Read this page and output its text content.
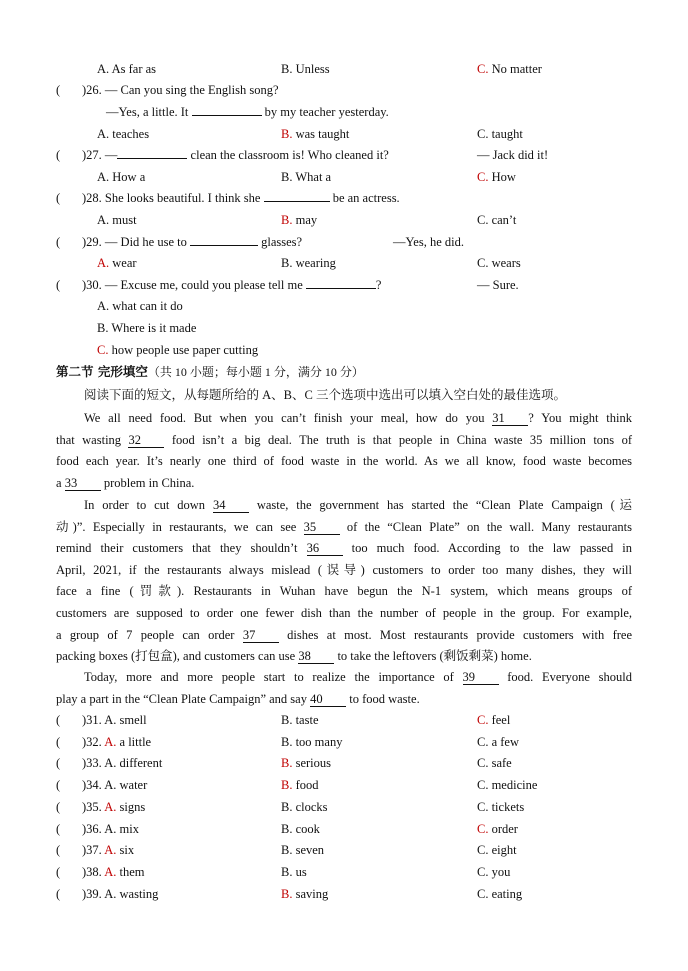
A. As far as	B. Unless	C. No matter
( )26. — Can you sing the English song?
—Yes, a little. It	by my teacher yesterday.
A. teaches	B. was taught	C. taught
( )27. —	clean the classroom is! Who cleaned it?	— Jack did it!
A. How a	B. What a	C. How
( )28. She looks beautiful. I think she	be an actress.
A. must	B. may	C. can’t
( )29. — Did he use to	glasses?	—Yes, he did.
A. wear	B. wearing	C. wears
( )30. — Excuse me, could you please tell me	?	— Sure.
A. what can it do
B. Where is it made
C. how people use paper cutting
第二节 完形填空（共 10 小题；每小题 1 分，满分 10 分）
阅读下面的短文，从每题所给的 A、B、C 三个选项中选出可以填入空白处的最佳选项。
We all need food. But when you can’t finish your meal, how do you 31 ? You might think
that wasting 32 food isn’t a big deal. The truth is that people in China waste 35 million tons of
food each year. It’s nearly one third of food waste in the world. As we all know, food waste becomes
a 33 problem in China.
In order to cut down 34 waste, the government has started the “Clean Plate Campaign (运
动)”. Especially in restaurants, we can see 35 of the “Clean Plate” on the wall. Many restaurants
remind their customers that they shouldn’t 36 too much food. According to the law passed in
April, 2021, if the restaurants always mislead (误导) customers to order too many dishes, they will
face a fine (罚款). Restaurants in Wuhan have begun the N-1 system, which means groups of
customers are supposed to order one fewer dish than the number of people in the group. For example,
a group of 7 people can order 37 dishes at most. Most restaurants provide customers with free
packing boxes (打包盒), and customers can use 38 to take the leftovers (剩饭剩菜) home.
Today, more and more people start to realize the importance of 39 food. Everyone should
play a part in the “Clean Plate Campaign” and say 40 to food waste.
( )31. A. smell	B. taste	C. feel
( )32. A. a little	B. too many	C. a few
( )33. A. different	B. serious	C. safe
( )34. A. water	B. food	C. medicine
( )35. A. signs	B. clocks	C. tickets
( )36. A. mix	B. cook	C. order
( )37. A. six	B. seven	C. eight
( )38. A. them	B. us	C. you
( )39. A. wasting	B. saving	C. eating
